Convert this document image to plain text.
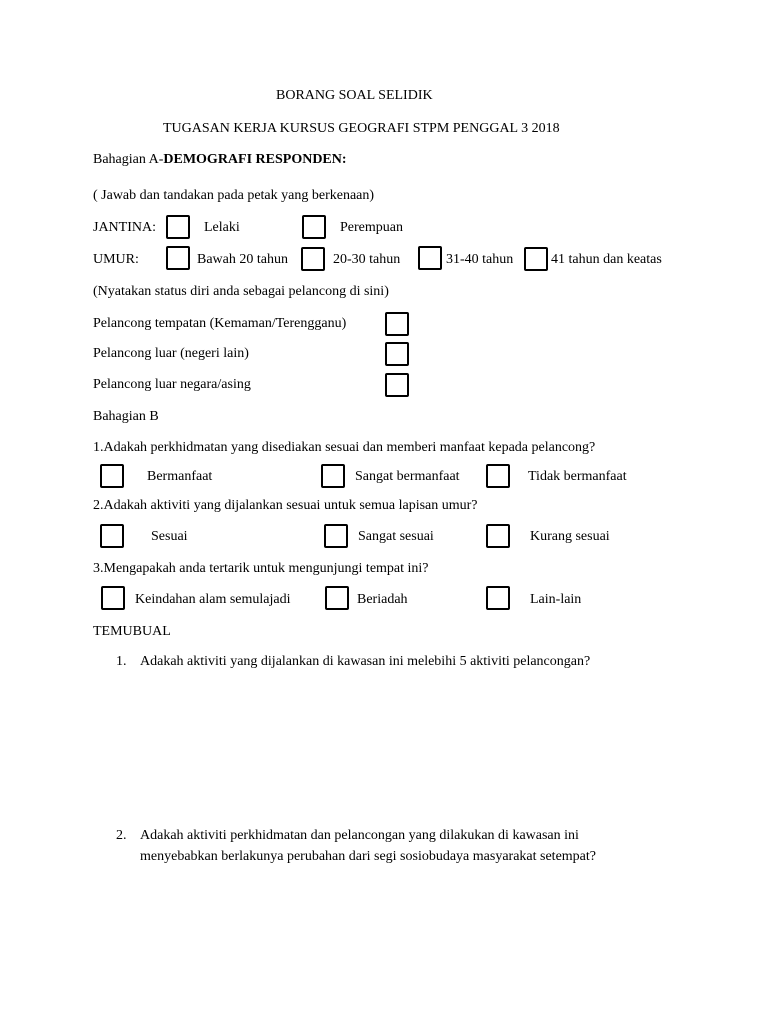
BORANG SOAL SELIDIK
TUGASAN KERJA KURSUS GEOGRAFI STPM PENGGAL 3 2018
Bahagian A-DEMOGRAFI RESPONDEN:
( Jawab dan tandakan pada petak yang berkenaan)
JANTINA:	Lelaki	Perempuan
UMUR:	Bawah 20 tahun	20-30 tahun	31-40 tahun	41 tahun dan keatas
(Nyatakan status diri anda sebagai pelancong di sini)
Pelancong tempatan (Kemaman/Terengganu)
Pelancong luar (negeri lain)
Pelancong luar negara/asing
Bahagian B
1.Adakah perkhidmatan yang disediakan sesuai dan memberi manfaat kepada pelancong?
Bermanfaat	Sangat bermanfaat	Tidak bermanfaat
2.Adakah aktiviti yang dijalankan sesuai untuk semua lapisan umur?
Sesuai	Sangat sesuai	Kurang sesuai
3.Mengapakah anda tertarik untuk mengunjungi tempat ini?
Keindahan alam semulajadi	Beriadah	Lain-lain
TEMUBUAL
1. Adakah aktiviti yang dijalankan di kawasan ini melebihi 5 aktiviti pelancongan?
2. Adakah aktiviti perkhidmatan dan pelancongan yang dilakukan di kawasan ini
menyebabkan berlakunya perubahan dari segi sosiobudaya masyarakat setempat?
